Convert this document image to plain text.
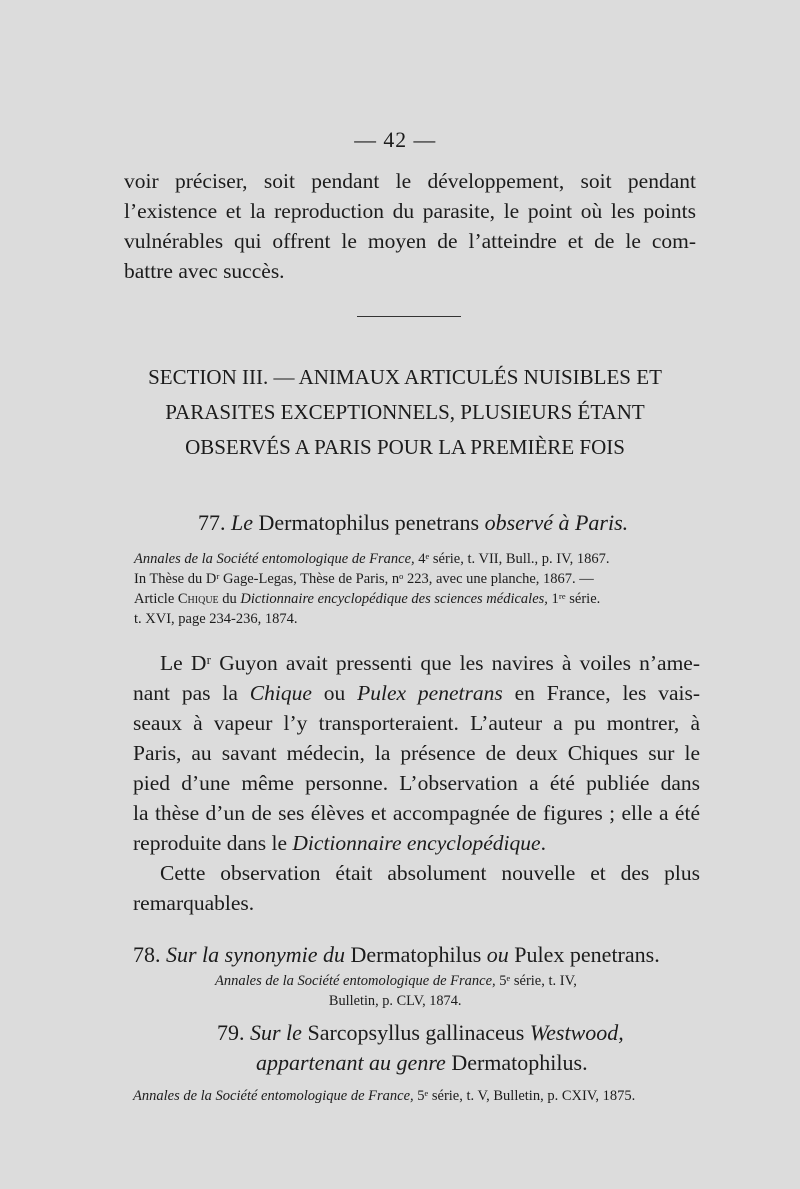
— 42 —
voir préciser, soit pendant le développement, soit pendant
l’existence et la reproduction du parasite, le point où les points
vulnérables qui offrent le moyen de l’atteindre et de le com-
battre avec succès.
SECTION III. — ANIMAUX ARTICULÉS NUISIBLES ET
PARASITES EXCEPTIONNELS, PLUSIEURS ÉTANT
OBSERVÉS A PARIS POUR LA PREMIÈRE FOIS
77. Le Dermatophilus penetrans observé à Paris.
Annales de la Société entomologique de France, 4ᵉ série, t. VII, Bull., p. IV, 1867.
In Thèse du Dʳ Gage-Legas, Thèse de Paris, nᵒ 223, avec une planche, 1867. —
Article Chique du Dictionnaire encyclopédique des sciences médicales, 1ʳᵉ série.
t. XVI, page 234-236, 1874.
Le Dʳ Guyon avait pressenti que les navires à voiles n’ame-
nant pas la Chique ou Pulex penetrans en France, les vais-
seaux à vapeur l’y transporteraient. L’auteur a pu montrer, à
Paris, au savant médecin, la présence de deux Chiques sur le
pied d’une même personne. L’observation a été publiée dans
la thèse d’un de ses élèves et accompagnée de figures ; elle a été
reproduite dans le Dictionnaire encyclopédique.
Cette observation était absolument nouvelle et des plus
remarquables.
78. Sur la synonymie du Dermatophilus ou Pulex penetrans.
Annales de la Société entomologique de France, 5ᵉ série, t. IV,
Bulletin, p. CLV, 1874.
79. Sur le Sarcopsyllus gallinaceus Westwood,
appartenant au genre Dermatophilus.
Annales de la Société entomologique de France, 5ᵉ série, t. V, Bulletin, p. CXIV, 1875.
